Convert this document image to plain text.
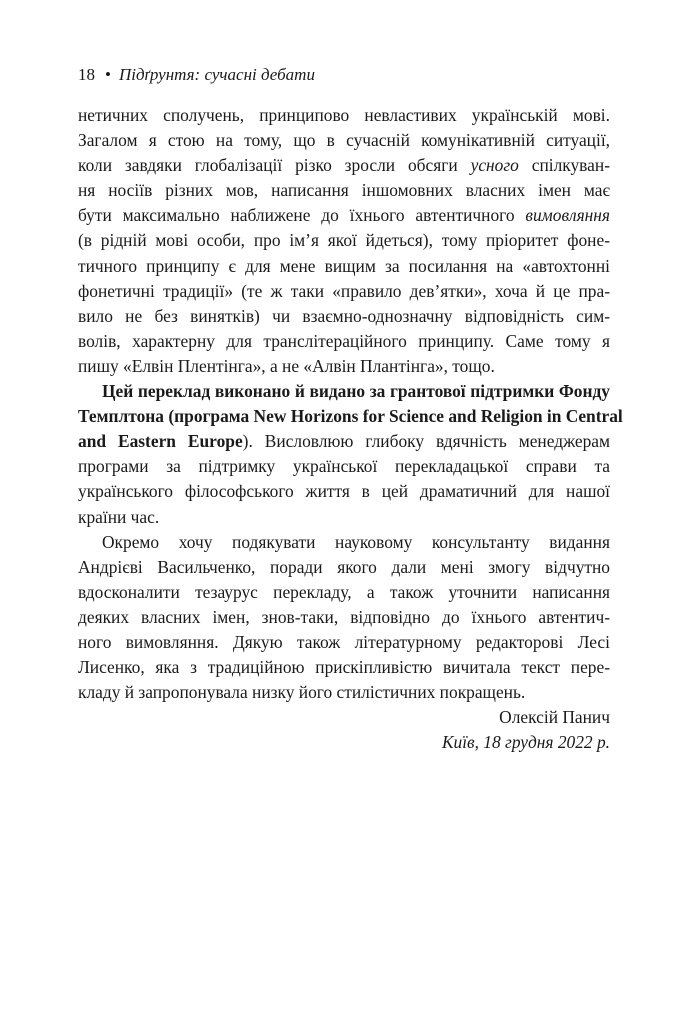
18 • Підґрунтя: сучасні дебати

нетичних сполучень, принципово невластивих українській мові.
Загалом я стою на тому, що в сучасній комунікативній ситуації,
коли завдяки глобалізації різко зросли обсяги усного спілкуван-
ня носіїв різних мов, написання іншомовних власних імен має
бути максимально наближене до їхнього автентичного вимовляння
(в рідній мові особи, про ім’я якої йдеться), тому пріоритет фоне-
тичного принципу є для мене вищим за посилання на «автохтонні
фонетичні традиції» (те ж таки «правило дев’ятки», хоча й це пра-
вило не без винятків) чи взаємно-однозначну відповідність сим-
волів, характерну для транслітераційного принципу. Саме тому я
пишу «Елвін Плентінга», а не «Алвін Плантінга», тощо.

Цей переклад виконано й видано за грантової підтримки Фонду
Темплтона (програма New Horizons for Science and Religion in Central
and Eastern Europe). Висловлюю глибоку вдячність менеджерам
програми за підтримку української перекладацької справи та
українського філософського життя в цей драматичний для нашої
країни час.

Окремо хочу подякувати науковому консультанту видання
Андрієві Васильченко, поради якого дали мені змогу відчутно
вдосконалити тезаурус перекладу, а також уточнити написання
деяких власних імен, знов-таки, відповідно до їхнього автентич-
ного вимовляння. Дякую також літературному редакторові Лесі
Лисенко, яка з традиційною прискіпливістю вичитала текст пере-
кладу й запропонувала низку його стилістичних покращень.

Олексій Панич

Київ, 18 грудня 2022 р.
